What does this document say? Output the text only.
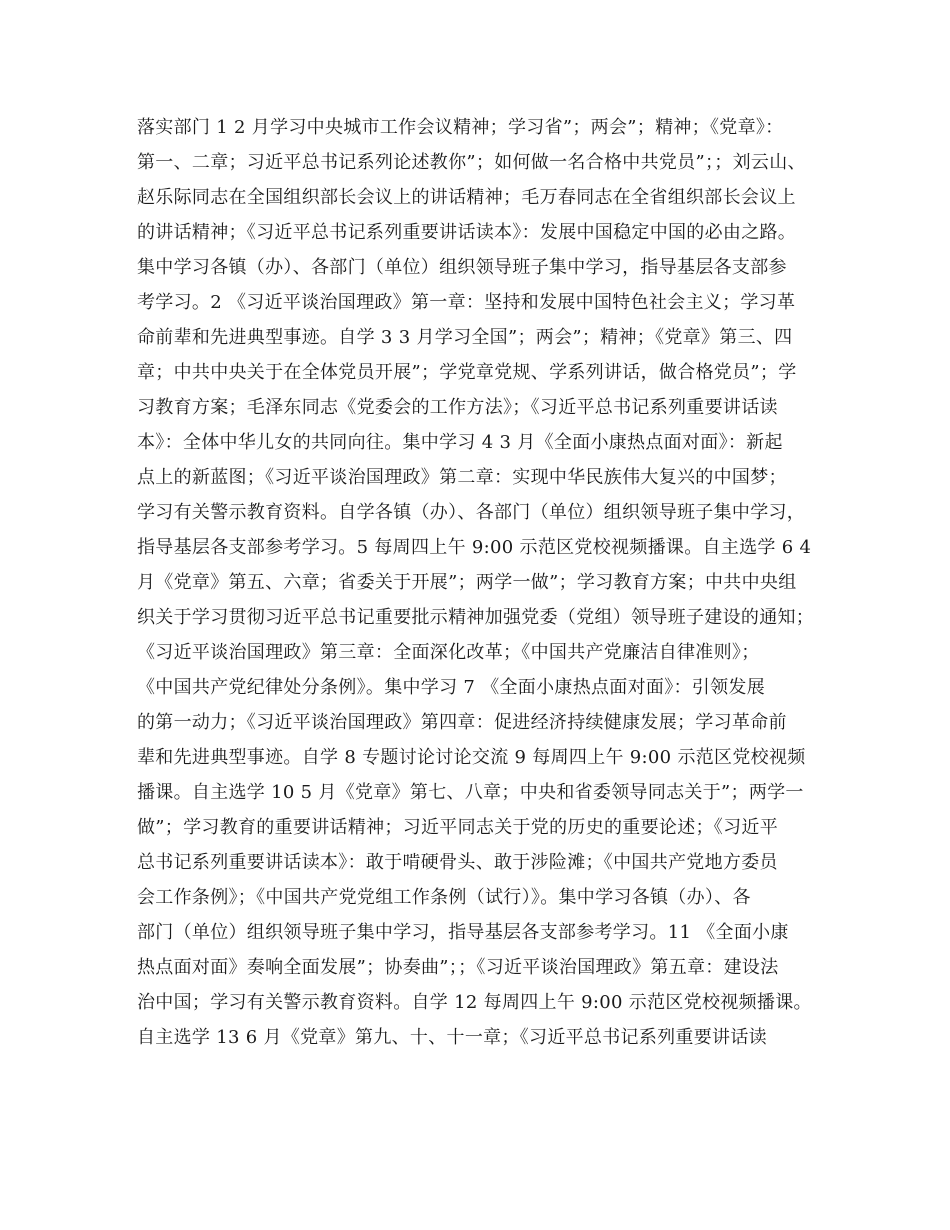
落实部门 1 2 月学习中央城市工作会议精神；学习省”；两会”；精神；《党章》：
第一、二章；习近平总书记系列论述教你”；如何做一名合格中共党员”；；刘云山、
赵乐际同志在全国组织部长会议上的讲话精神；毛万春同志在全省组织部长会议上
的讲话精神；《习近平总书记系列重要讲话读本》：发展中国稳定中国的必由之路。
集中学习各镇（办）、各部门（单位）组织领导班子集中学习，指导基层各支部参
考学习。2 《习近平谈治国理政》第一章：坚持和发展中国特色社会主义；学习革
命前辈和先进典型事迹。自学 3 3 月学习全国”；两会”；精神；《党章》第三、四
章；中共中央关于在全体党员开展”；学党章党规、学系列讲话，做合格党员”；学
习教育方案；毛泽东同志《党委会的工作方法》；《习近平总书记系列重要讲话读
本》：全体中华儿女的共同向往。集中学习 4 3 月《全面小康热点面对面》：新起
点上的新蓝图；《习近平谈治国理政》第二章：实现中华民族伟大复兴的中国梦；
学习有关警示教育资料。自学各镇（办）、各部门（单位）组织领导班子集中学习，
指导基层各支部参考学习。5 每周四上午 9:00 示范区党校视频播课。自主选学 6 4
月《党章》第五、六章；省委关于开展”；两学一做”；学习教育方案；中共中央组
织关于学习贯彻习近平总书记重要批示精神加强党委（党组）领导班子建设的通知；
《习近平谈治国理政》第三章：全面深化改革；《中国共产党廉洁自律准则》；
《中国共产党纪律处分条例》。集中学习 7 《全面小康热点面对面》：引领发展
的第一动力；《习近平谈治国理政》第四章：促进经济持续健康发展；学习革命前
辈和先进典型事迹。自学 8 专题讨论讨论交流 9 每周四上午 9:00 示范区党校视频
播课。自主选学 10 5 月《党章》第七、八章；中央和省委领导同志关于”；两学一
做”；学习教育的重要讲话精神；习近平同志关于党的历史的重要论述；《习近平
总书记系列重要讲话读本》：敢于啃硬骨头、敢于涉险滩；《中国共产党地方委员
会工作条例》；《中国共产党党组工作条例（试行）》。集中学习各镇（办）、各
部门（单位）组织领导班子集中学习，指导基层各支部参考学习。11 《全面小康
热点面对面》奏响全面发展”；协奏曲”；；《习近平谈治国理政》第五章：建设法
治中国；学习有关警示教育资料。自学 12 每周四上午 9:00 示范区党校视频播课。
自主选学 13 6 月《党章》第九、十、十一章；《习近平总书记系列重要讲话读
